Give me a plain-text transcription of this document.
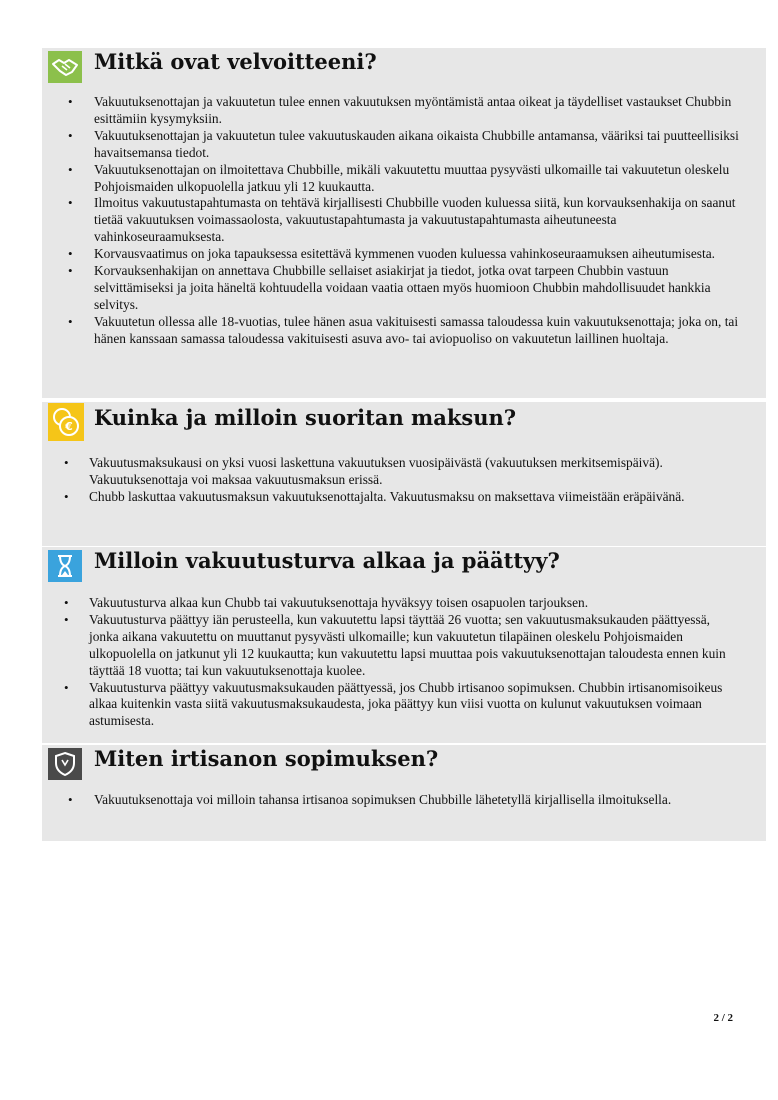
Mitkä ovat velvoitteeni?
• Vakuutuksenottajan ja vakuutetun tulee ennen vakuutuksen myöntämistä antaa oikeat ja täydelliset vastaukset Chubbin esittämiin kysymyksiin.
• Vakuutuksenottajan ja vakuutetun tulee vakuutuskauden aikana oikaista Chubbille antamansa, vääriksi tai puutteellisiksi havaitsemansa tiedot.
• Vakuutuksenottajan on ilmoitettava Chubbille, mikäli vakuutettu muuttaa pysyvästi ulkomaille tai vakuutetun oleskelu Pohjoismaiden ulkopuolella jatkuu yli 12 kuukautta.
• Ilmoitus vakuutustapahtumasta on tehtävä kirjallisesti Chubbille vuoden kuluessa siitä, kun korvauksenhakija on saanut tietää vakuutuksen voimassaolosta, vakuutustapahtumasta ja vakuutustapahtumasta aiheutuneesta vahinkoseuraamuksesta.
• Korvausvaatimus on joka tapauksessa esitettävä kymmenen vuoden kuluessa vahinkoseuraamuksen aiheutumisesta.
• Korvauksenhakijan on annettava Chubbille sellaiset asiakirjat ja tiedot, jotka ovat tarpeen Chubbin vastuun selvittämiseksi ja joita häneltä kohtuudella voidaan vaatia ottaen myös huomioon Chubbin mahdollisuudet hankkia selvitys.
• Vakuutetun ollessa alle 18-vuotias, tulee hänen asua vakituisesti samassa taloudessa kuin vakuutuksenottaja; joka on, tai hänen kanssaan samassa taloudessa vakituisesti asuva avo- tai aviopuoliso on vakuutetun laillinen huoltaja.
€ Kuinka ja milloin suoritan maksun?
• Vakuutusmaksukausi on yksi vuosi laskettuna vakuutuksen vuosipäivästä (vakuutuksen merkitsemispäivä). Vakuutuksenottaja voi maksaa vakuutusmaksun erissä.
• Chubb laskuttaa vakuutusmaksun vakuutuksenottajalta. Vakuutusmaksu on maksettava viimeistään eräpäivänä.
Milloin vakuutusturva alkaa ja päättyy?
• Vakuutusturva alkaa kun Chubb tai vakuutuksenottaja hyväksyy toisen osapuolen tarjouksen.
• Vakuutusturva päättyy iän perusteella, kun vakuutettu lapsi täyttää 26 vuotta; sen vakuutusmaksukauden päättyessä, jonka aikana vakuutettu on muuttanut pysyvästi ulkomaille; kun vakuutetun tilapäinen oleskelu Pohjoismaiden ulkopuolella on jatkunut yli 12 kuukautta; kun vakuutettu lapsi muuttaa pois vakuutuksenottajan taloudesta ennen kuin täyttää 18 vuotta; tai kun vakuutuksenottaja kuolee.
• Vakuutusturva päättyy vakuutusmaksukauden päättyessä, jos Chubb irtisanoo sopimuksen. Chubbin irtisanomisoikeus alkaa kuitenkin vasta siitä vakuutusmaksukaudesta, joka päättyy kun viisi vuotta on kulunut vakuutuksen voimaan astumisesta.
Miten irtisanon sopimuksen?
• Vakuutuksenottaja voi milloin tahansa irtisanoa sopimuksen Chubbille lähetetyllä kirjallisella ilmoituksella.
2 / 2
